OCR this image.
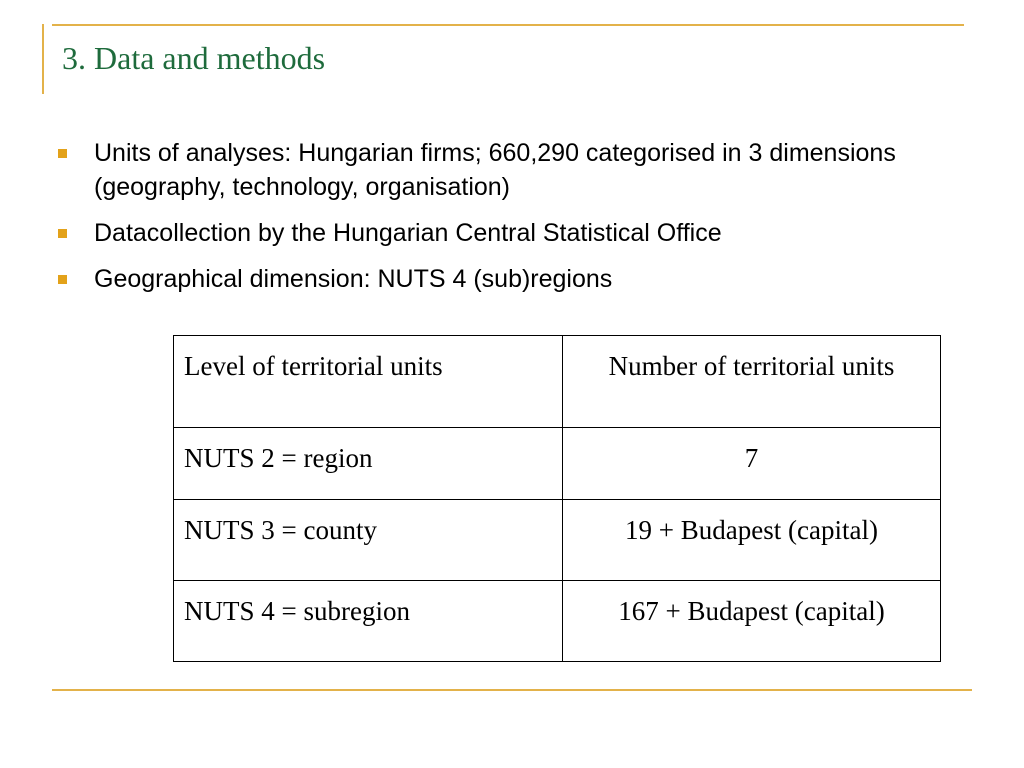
3. Data and methods
Units of analyses: Hungarian firms; 660,290 categorised in 3 dimensions (geography, technology, organisation)
Datacollection by the Hungarian Central Statistical Office
Geographical dimension: NUTS 4 (sub)regions
Level of territorial units	Number of territorial units
NUTS 2 = region	7
NUTS 3 = county	19 + Budapest (capital)
NUTS 4 = subregion	167 + Budapest (capital)
